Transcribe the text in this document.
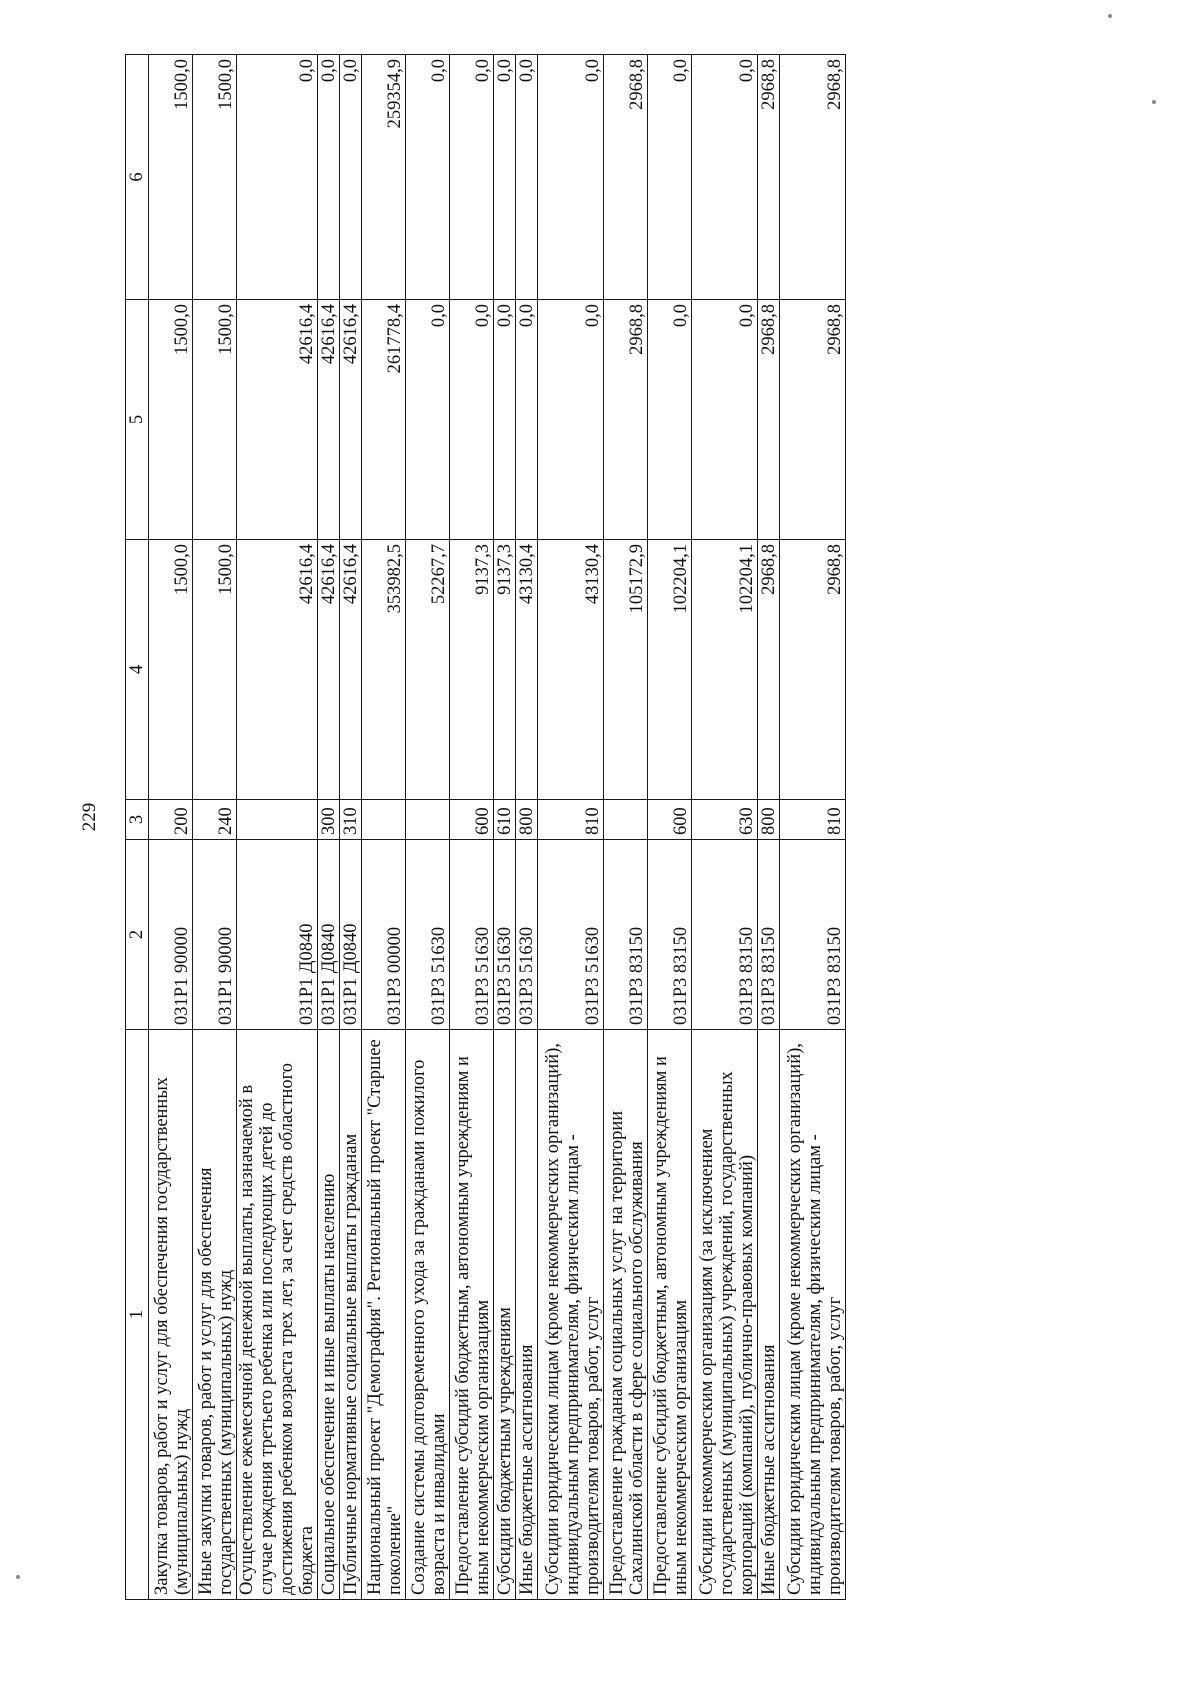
229
1	2	3	4	5	6
Закупка товаров, работ и услуг для обеспечения государственных (муниципальных) нужд	031P1 90000	200	1500,0	1500,0	1500,0
Иные закупки товаров, работ и услуг для обеспечения государственных (муниципальных) нужд	031P1 90000	240	1500,0	1500,0	1500,0
Осуществление ежемесячной денежной выплаты, назначаемой в случае рождения третьего ребенка или последующих детей до достижения ребенком возраста трех лет, за счет средств областного бюджета	031P1 Д0840		42616,4	42616,4	0,0
Социальное обеспечение и иные выплаты населению	031P1 Д0840	300	42616,4	42616,4	0,0
Публичные нормативные социальные выплаты гражданам	031P1 Д0840	310	42616,4	42616,4	0,0
Национальный проект "Демография". Региональный проект "Старшее поколение"	031P3 00000		353982,5	261778,4	259354,9
Создание системы долговременного ухода за гражданами пожилого возраста и инвалидами	031P3 51630		52267,7	0,0	0,0
Предоставление субсидий бюджетным, автономным учреждениям и иным некоммерческим организациям	031P3 51630	600	9137,3	0,0	0,0
Субсидии бюджетным учреждениям	031P3 51630	610	9137,3	0,0	0,0
Иные бюджетные ассигнования	031P3 51630	800	43130,4	0,0	0,0
Субсидии юридическим лицам (кроме некоммерческих организаций), индивидуальным предпринимателям, физическим лицам - производителям товаров, работ, услуг	031P3 51630	810	43130,4	0,0	0,0
Предоставление гражданам социальных услуг на территории Сахалинской области в сфере социального обслуживания	031P3 83150		105172,9	2968,8	2968,8
Предоставление субсидий бюджетным, автономным учреждениям и иным некоммерческим организациям	031P3 83150	600	102204,1	0,0	0,0
Субсидии некоммерческим организациям (за исключением государственных (муниципальных) учреждений, государственных корпораций (компаний), публично-правовых компаний)	031P3 83150	630	102204,1	0,0	0,0
Иные бюджетные ассигнования	031P3 83150	800	2968,8	2968,8	2968,8
Субсидии юридическим лицам (кроме некоммерческих организаций), индивидуальным предпринимателям, физическим лицам - производителям товаров, работ, услуг	031P3 83150	810	2968,8	2968,8	2968,8
